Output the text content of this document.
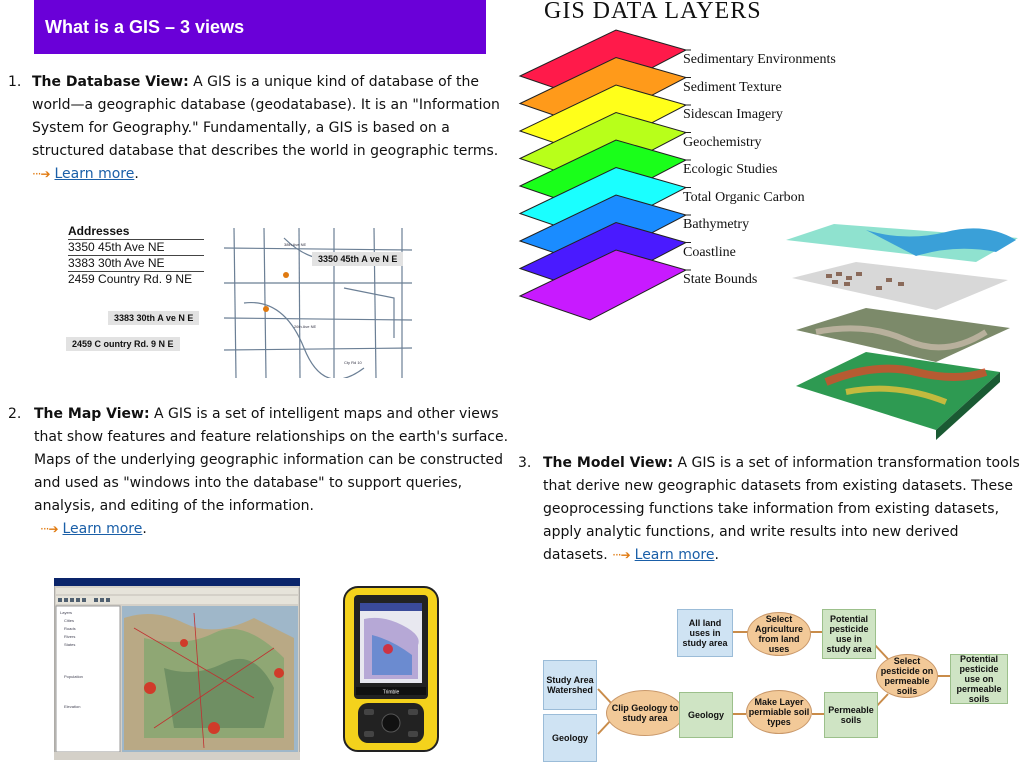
What is a GIS – 3 views
1. The Database View: A GIS is a unique kind of database of the world—a geographic database (geodatabase). It is an "Information System for Geography." Fundamentally, a GIS is based on a structured database that describes the world in geographic terms. ···➔ Learn more.
Addresses
3350 45th Ave NE
3383 30th Ave NE
2459 Country Rd. 9 NE
38th Ave NE
26th Ave NE
Cty Rd 10
3350 45th A ve N E
3383 30th A ve N E
2459 C ountry Rd. 9 N E
2. The Map View: A GIS is a set of intelligent maps and other views that show features and feature relationships on the earth's surface. Maps of the underlying geographic information can be constructed and used as "windows into the database" to support queries, analysis, and editing of the information.
···➔ Learn more.
Layers
Cities
Roads
Rivers
States
Population
Elevation
Trimble
GIS DATA LAYERS
Sedimentary Environments
Sediment Texture
Sidescan Imagery
Geochemistry
Ecologic Studies
Total Organic Carbon
Bathymetry
Coastline
State Bounds
3. The Model View: A GIS is a set of information transformation tools that derive new geographic datasets from existing datasets. These geoprocessing functions take information from existing datasets, apply analytic functions, and write results into new derived datasets. ···➔ Learn more.
Study Area Watershed
Geology
Clip Geology to study area
All land uses in study area
Select Agriculture from land uses
Potential pesticide use in study area
Geology
Make Layer permiable soil types
Permeable soils
Select pesticide on permeable soils
Potential pesticide use on permeable soils
